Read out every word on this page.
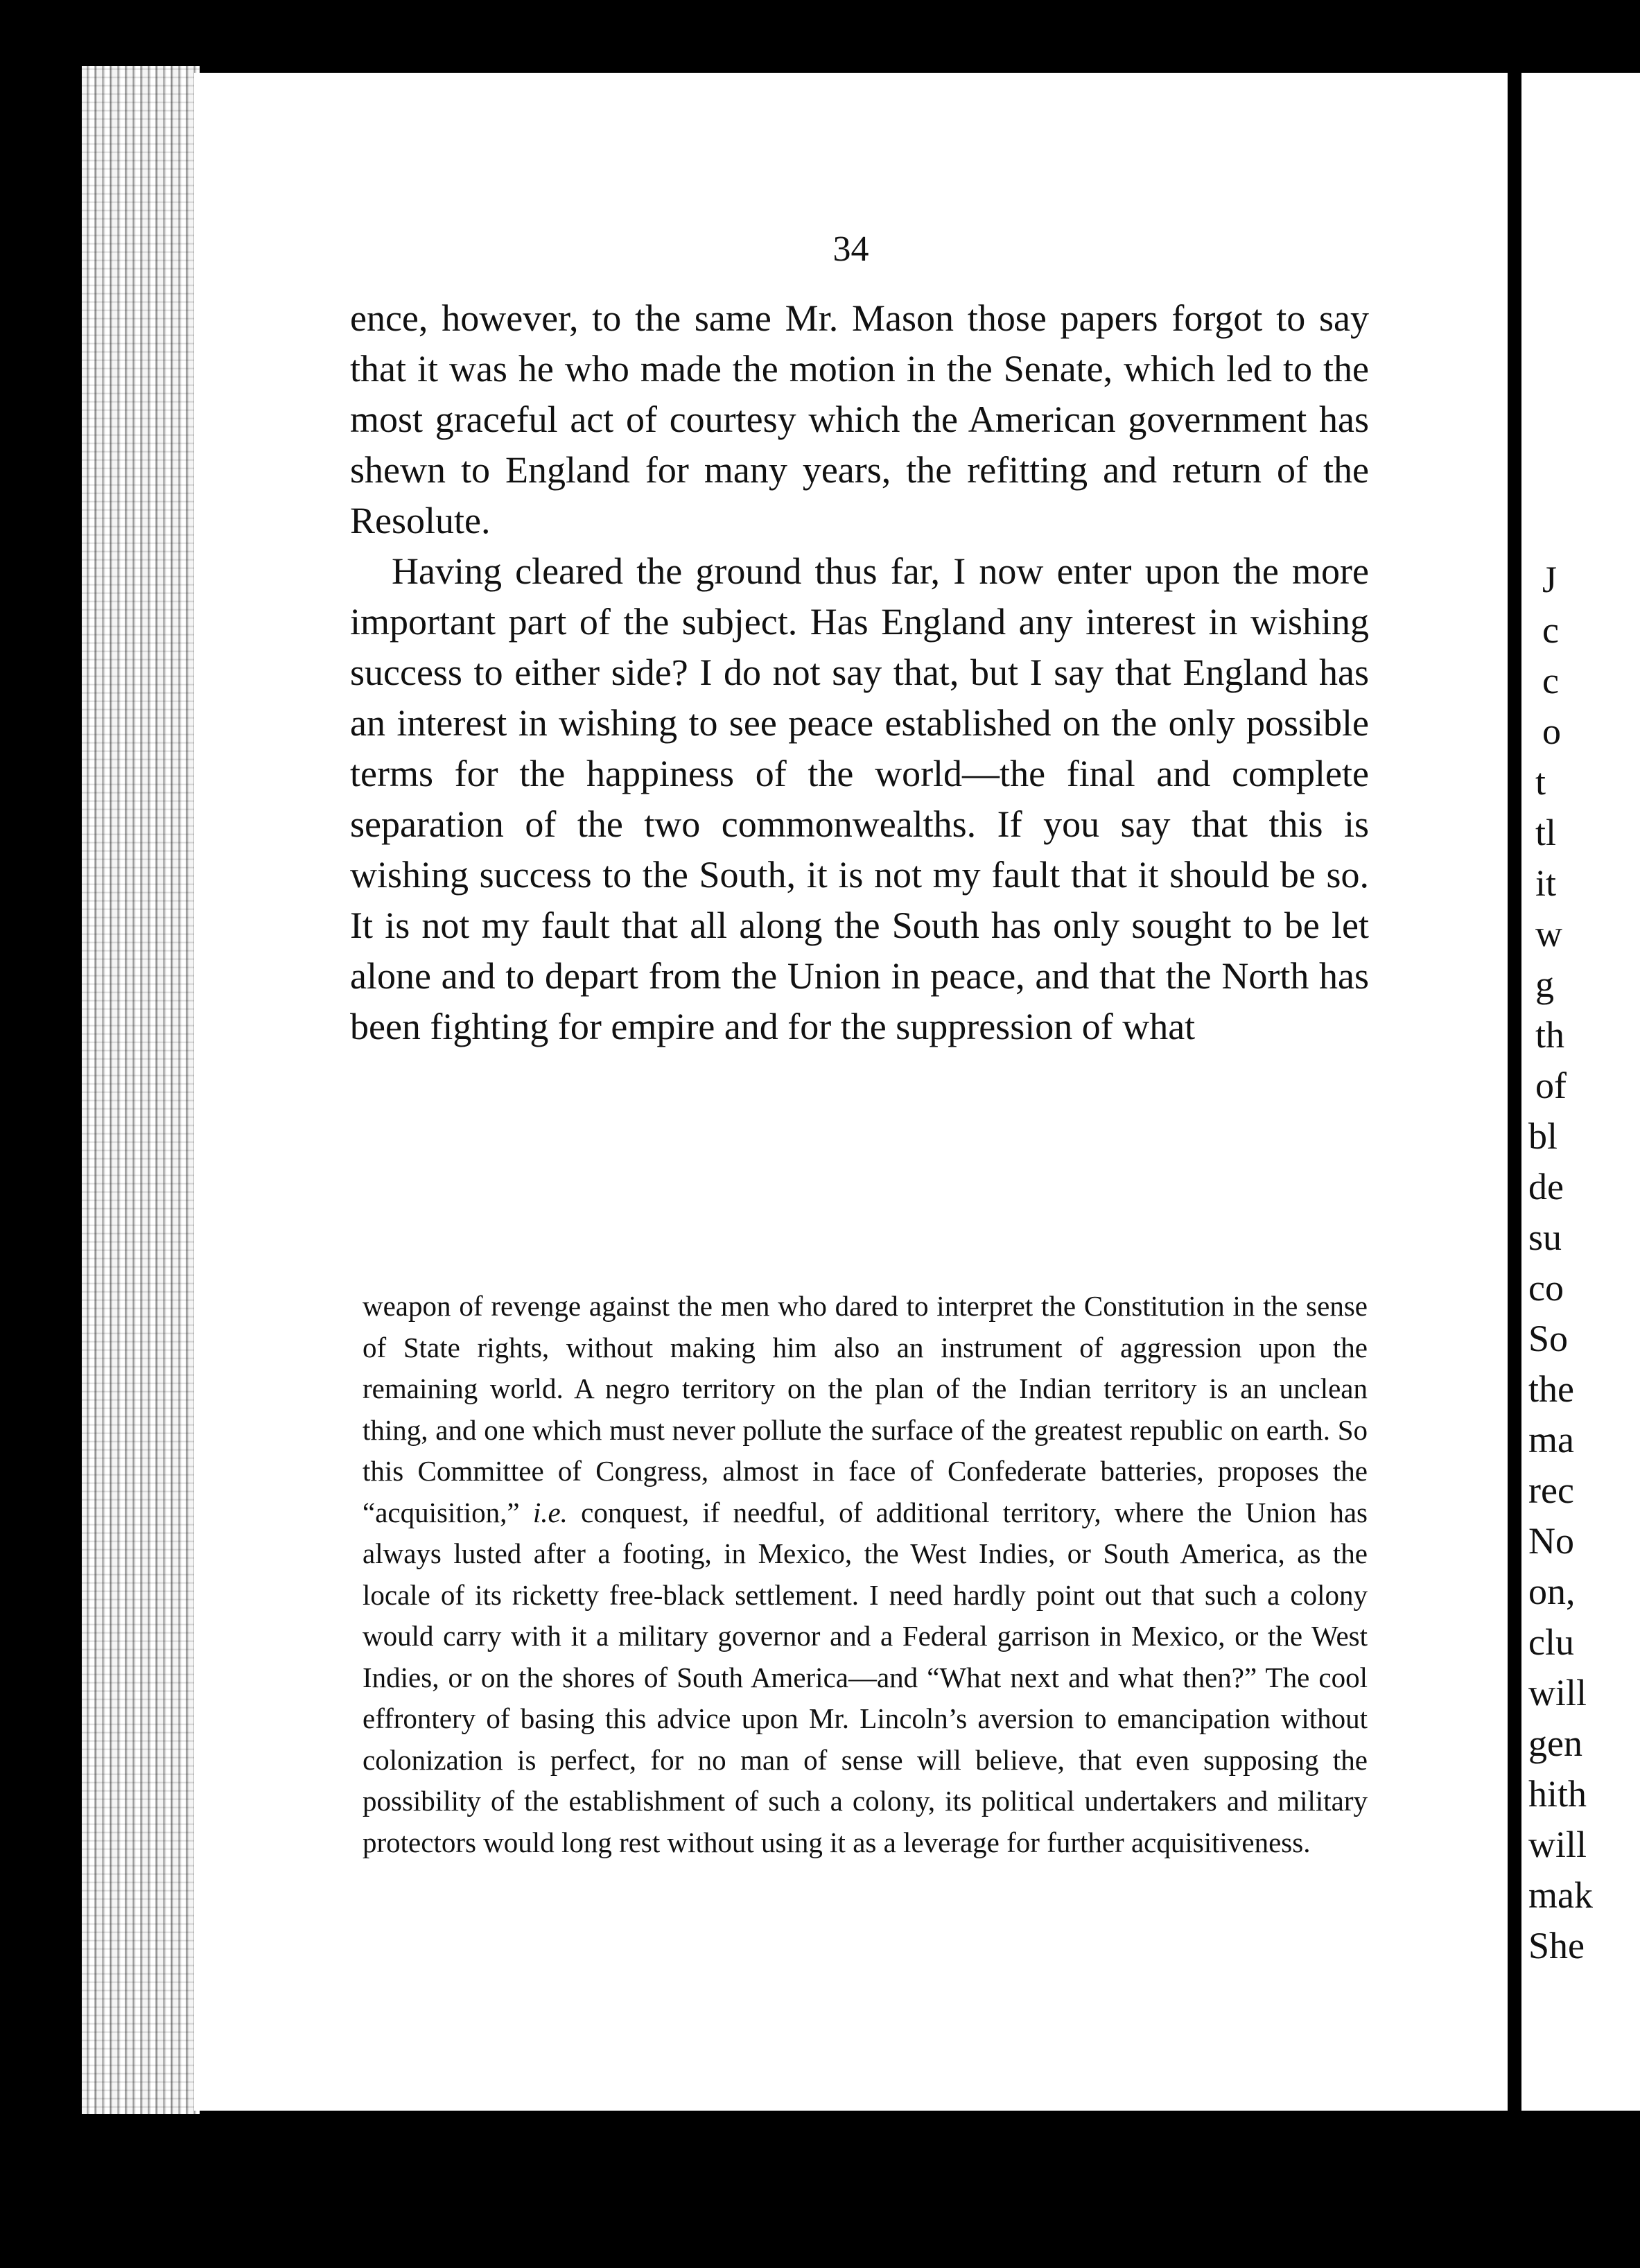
34

ence, however, to the same Mr. Mason those papers forgot to say that it was he who made the motion in the Senate, which led to the most graceful act of courtesy which the American government has shewn to England for many years, the refitting and return of the Resolute.

Having cleared the ground thus far, I now enter upon the more important part of the subject. Has England any interest in wishing success to either side? I do not say that, but I say that England has an interest in wishing to see peace established on the only possible terms for the happiness of the world—the final and complete separation of the two commonwealths. If you say that this is wishing success to the South, it is not my fault that it should be so. It is not my fault that all along the South has only sought to be let alone and to depart from the Union in peace, and that the North has been fighting for empire and for the suppression of what

weapon of revenge against the men who dared to interpret the Constitution in the sense of State rights, without making him also an instrument of aggression upon the remaining world. A negro territory on the plan of the Indian territory is an unclean thing, and one which must never pollute the surface of the greatest republic on earth. So this Committee of Congress, almost in face of Confederate batteries, proposes the “acquisition,” i.e. conquest, if needful, of additional territory, where the Union has always lusted after a footing, in Mexico, the West Indies, or South America, as the locale of its ricketty free-black settlement. I need hardly point out that such a colony would carry with it a military governor and a Federal garrison in Mexico, or the West Indies, or on the shores of South America—and “What next and what then?” The cool effrontery of basing this advice upon Mr. Lincoln’s aversion to emancipation without colonization is perfect, for no man of sense will believe, that even supposing the possibility of the establishment of such a colony, its political undertakers and military protectors would long rest without using it as a leverage for further acquisitiveness.

J
c
c
o
t
tl
it
w
g
th
of
bl
de
su
co
So
the
ma
rec
No
on,
clu
will
gen
hith
will
mak
She
